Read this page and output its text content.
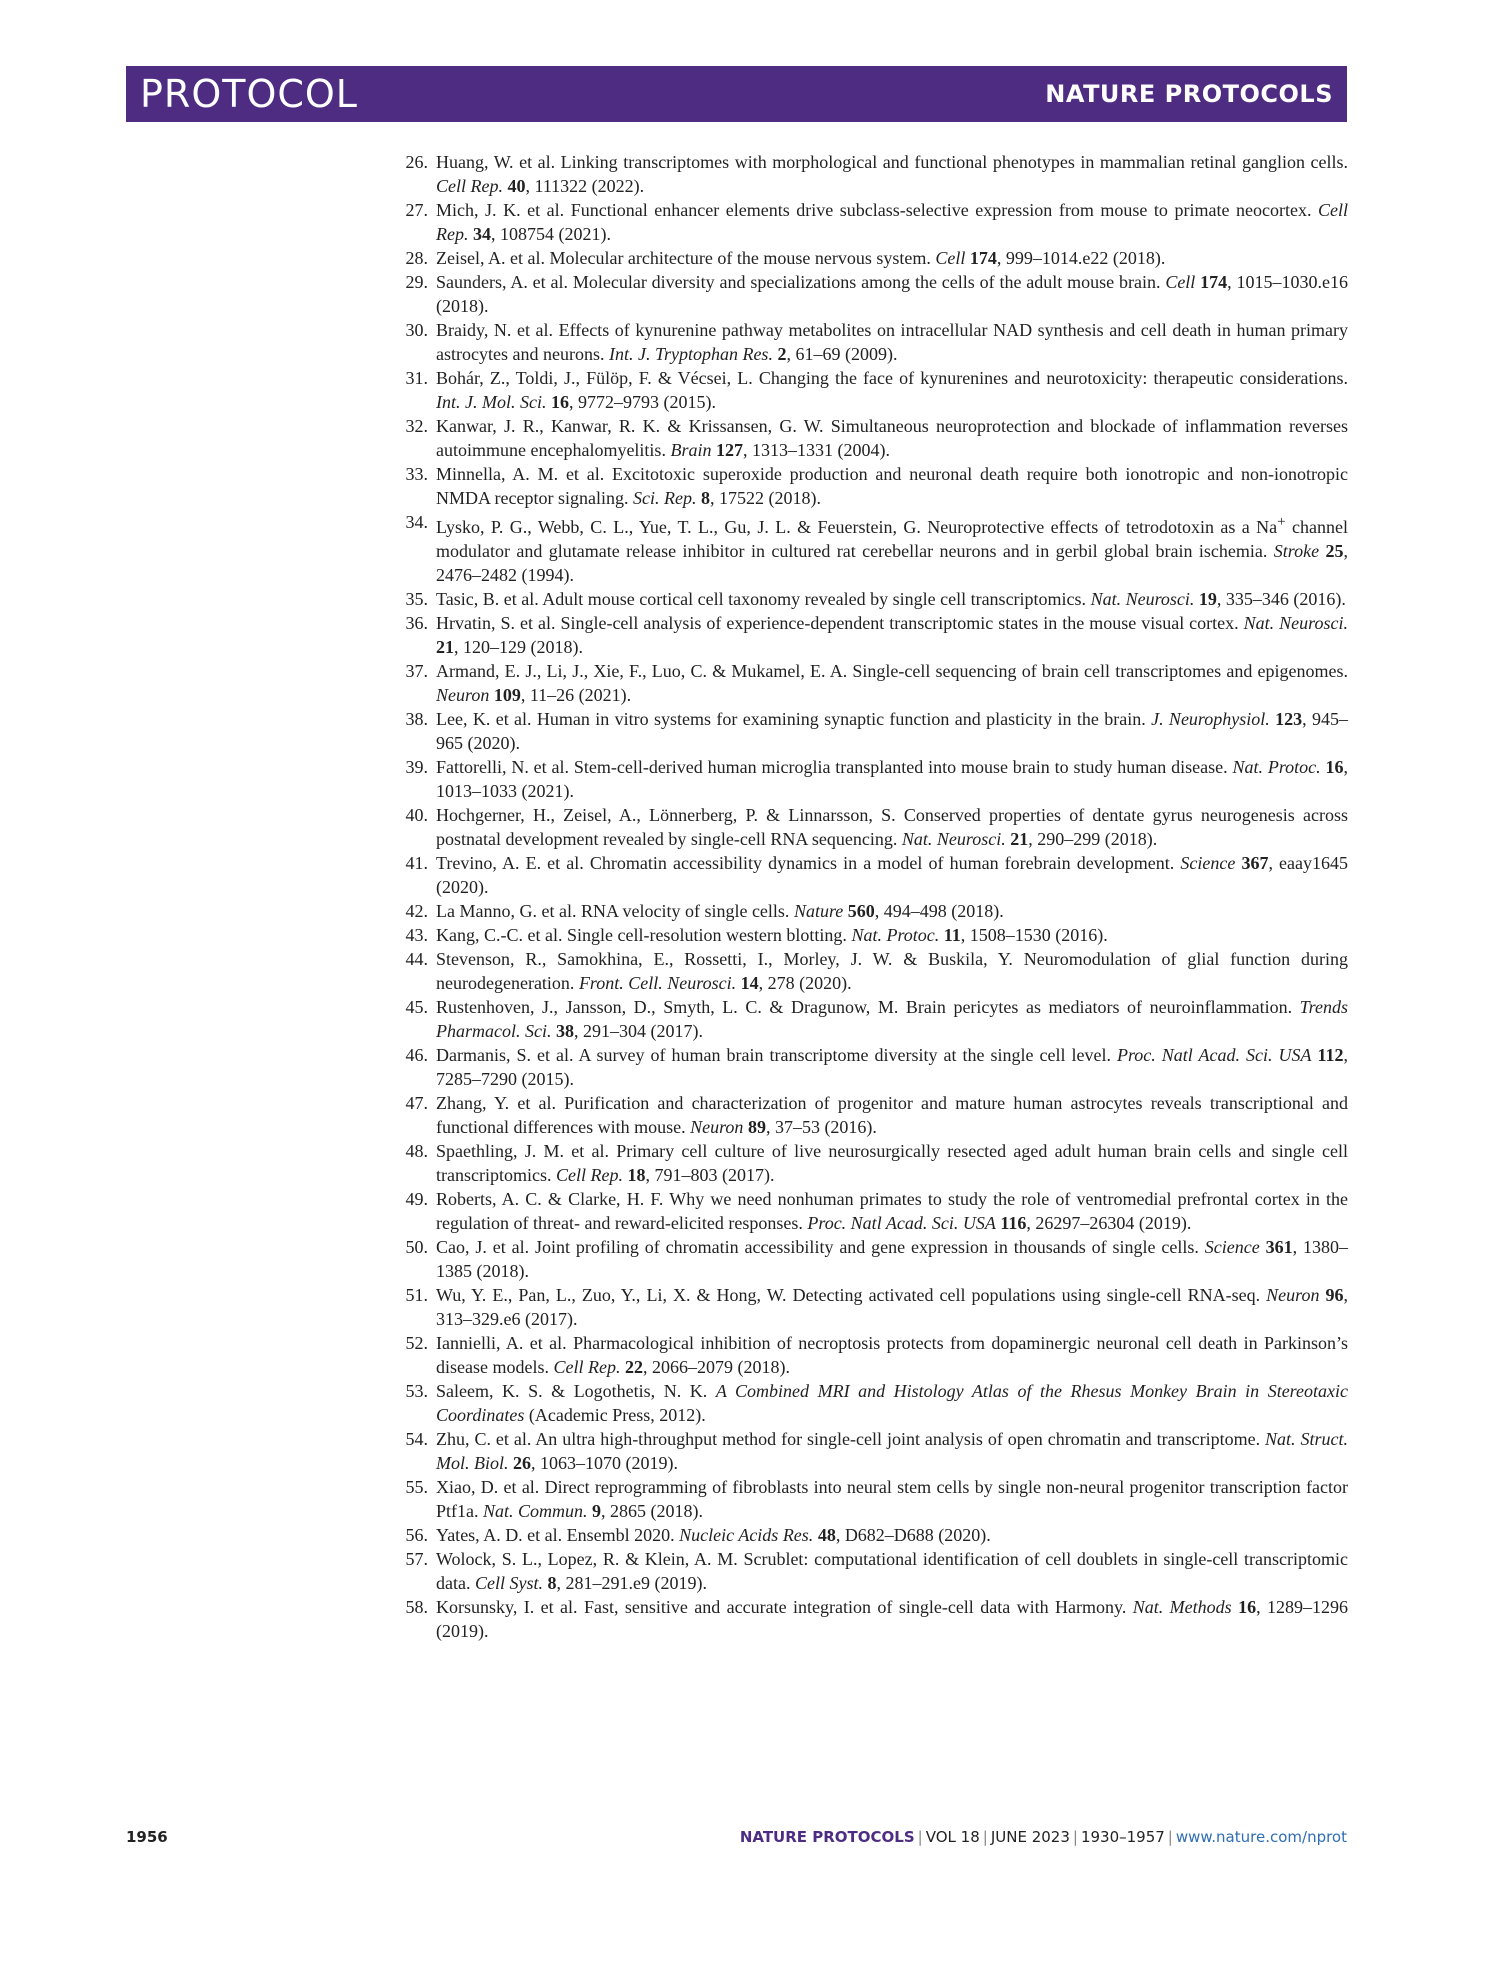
PROTOCOL	NATURE PROTOCOLS
26. Huang, W. et al. Linking transcriptomes with morphological and functional phenotypes in mammalian retinal ganglion cells. Cell Rep. 40, 111322 (2022).
27. Mich, J. K. et al. Functional enhancer elements drive subclass-selective expression from mouse to primate neocortex. Cell Rep. 34, 108754 (2021).
28. Zeisel, A. et al. Molecular architecture of the mouse nervous system. Cell 174, 999–1014.e22 (2018).
29. Saunders, A. et al. Molecular diversity and specializations among the cells of the adult mouse brain. Cell 174, 1015–1030.e16 (2018).
30. Braidy, N. et al. Effects of kynurenine pathway metabolites on intracellular NAD synthesis and cell death in human primary astrocytes and neurons. Int. J. Tryptophan Res. 2, 61–69 (2009).
31. Bohár, Z., Toldi, J., Fülöp, F. & Vécsei, L. Changing the face of kynurenines and neurotoxicity: therapeutic considerations. Int. J. Mol. Sci. 16, 9772–9793 (2015).
32. Kanwar, J. R., Kanwar, R. K. & Krissansen, G. W. Simultaneous neuroprotection and blockade of inflammation reverses autoimmune encephalomyelitis. Brain 127, 1313–1331 (2004).
33. Minnella, A. M. et al. Excitotoxic superoxide production and neuronal death require both ionotropic and non-ionotropic NMDA receptor signaling. Sci. Rep. 8, 17522 (2018).
34. Lysko, P. G., Webb, C. L., Yue, T. L., Gu, J. L. & Feuerstein, G. Neuroprotective effects of tetrodotoxin as a Na+ channel modulator and glutamate release inhibitor in cultured rat cerebellar neurons and in gerbil global brain ischemia. Stroke 25, 2476–2482 (1994).
35. Tasic, B. et al. Adult mouse cortical cell taxonomy revealed by single cell transcriptomics. Nat. Neurosci. 19, 335–346 (2016).
36. Hrvatin, S. et al. Single-cell analysis of experience-dependent transcriptomic states in the mouse visual cortex. Nat. Neurosci. 21, 120–129 (2018).
37. Armand, E. J., Li, J., Xie, F., Luo, C. & Mukamel, E. A. Single-cell sequencing of brain cell transcriptomes and epigenomes. Neuron 109, 11–26 (2021).
38. Lee, K. et al. Human in vitro systems for examining synaptic function and plasticity in the brain. J. Neurophysiol. 123, 945–965 (2020).
39. Fattorelli, N. et al. Stem-cell-derived human microglia transplanted into mouse brain to study human disease. Nat. Protoc. 16, 1013–1033 (2021).
40. Hochgerner, H., Zeisel, A., Lönnerberg, P. & Linnarsson, S. Conserved properties of dentate gyrus neurogenesis across postnatal development revealed by single-cell RNA sequencing. Nat. Neurosci. 21, 290–299 (2018).
41. Trevino, A. E. et al. Chromatin accessibility dynamics in a model of human forebrain development. Science 367, eaay1645 (2020).
42. La Manno, G. et al. RNA velocity of single cells. Nature 560, 494–498 (2018).
43. Kang, C.-C. et al. Single cell-resolution western blotting. Nat. Protoc. 11, 1508–1530 (2016).
44. Stevenson, R., Samokhina, E., Rossetti, I., Morley, J. W. & Buskila, Y. Neuromodulation of glial function during neurodegeneration. Front. Cell. Neurosci. 14, 278 (2020).
45. Rustenhoven, J., Jansson, D., Smyth, L. C. & Dragunow, M. Brain pericytes as mediators of neuroinflammation. Trends Pharmacol. Sci. 38, 291–304 (2017).
46. Darmanis, S. et al. A survey of human brain transcriptome diversity at the single cell level. Proc. Natl Acad. Sci. USA 112, 7285–7290 (2015).
47. Zhang, Y. et al. Purification and characterization of progenitor and mature human astrocytes reveals transcriptional and functional differences with mouse. Neuron 89, 37–53 (2016).
48. Spaethling, J. M. et al. Primary cell culture of live neurosurgically resected aged adult human brain cells and single cell transcriptomics. Cell Rep. 18, 791–803 (2017).
49. Roberts, A. C. & Clarke, H. F. Why we need nonhuman primates to study the role of ventromedial prefrontal cortex in the regulation of threat- and reward-elicited responses. Proc. Natl Acad. Sci. USA 116, 26297–26304 (2019).
50. Cao, J. et al. Joint profiling of chromatin accessibility and gene expression in thousands of single cells. Science 361, 1380–1385 (2018).
51. Wu, Y. E., Pan, L., Zuo, Y., Li, X. & Hong, W. Detecting activated cell populations using single-cell RNA-seq. Neuron 96, 313–329.e6 (2017).
52. Iannielli, A. et al. Pharmacological inhibition of necroptosis protects from dopaminergic neuronal cell death in Parkinson’s disease models. Cell Rep. 22, 2066–2079 (2018).
53. Saleem, K. S. & Logothetis, N. K. A Combined MRI and Histology Atlas of the Rhesus Monkey Brain in Stereotaxic Coordinates (Academic Press, 2012).
54. Zhu, C. et al. An ultra high-throughput method for single-cell joint analysis of open chromatin and transcriptome. Nat. Struct. Mol. Biol. 26, 1063–1070 (2019).
55. Xiao, D. et al. Direct reprogramming of fibroblasts into neural stem cells by single non-neural progenitor transcription factor Ptf1a. Nat. Commun. 9, 2865 (2018).
56. Yates, A. D. et al. Ensembl 2020. Nucleic Acids Res. 48, D682–D688 (2020).
57. Wolock, S. L., Lopez, R. & Klein, A. M. Scrublet: computational identification of cell doublets in single-cell transcriptomic data. Cell Syst. 8, 281–291.e9 (2019).
58. Korsunsky, I. et al. Fast, sensitive and accurate integration of single-cell data with Harmony. Nat. Methods 16, 1289–1296 (2019).
1956	NATURE PROTOCOLS | VOL 18 | JUNE 2023 | 1930–1957 | www.nature.com/nprot
